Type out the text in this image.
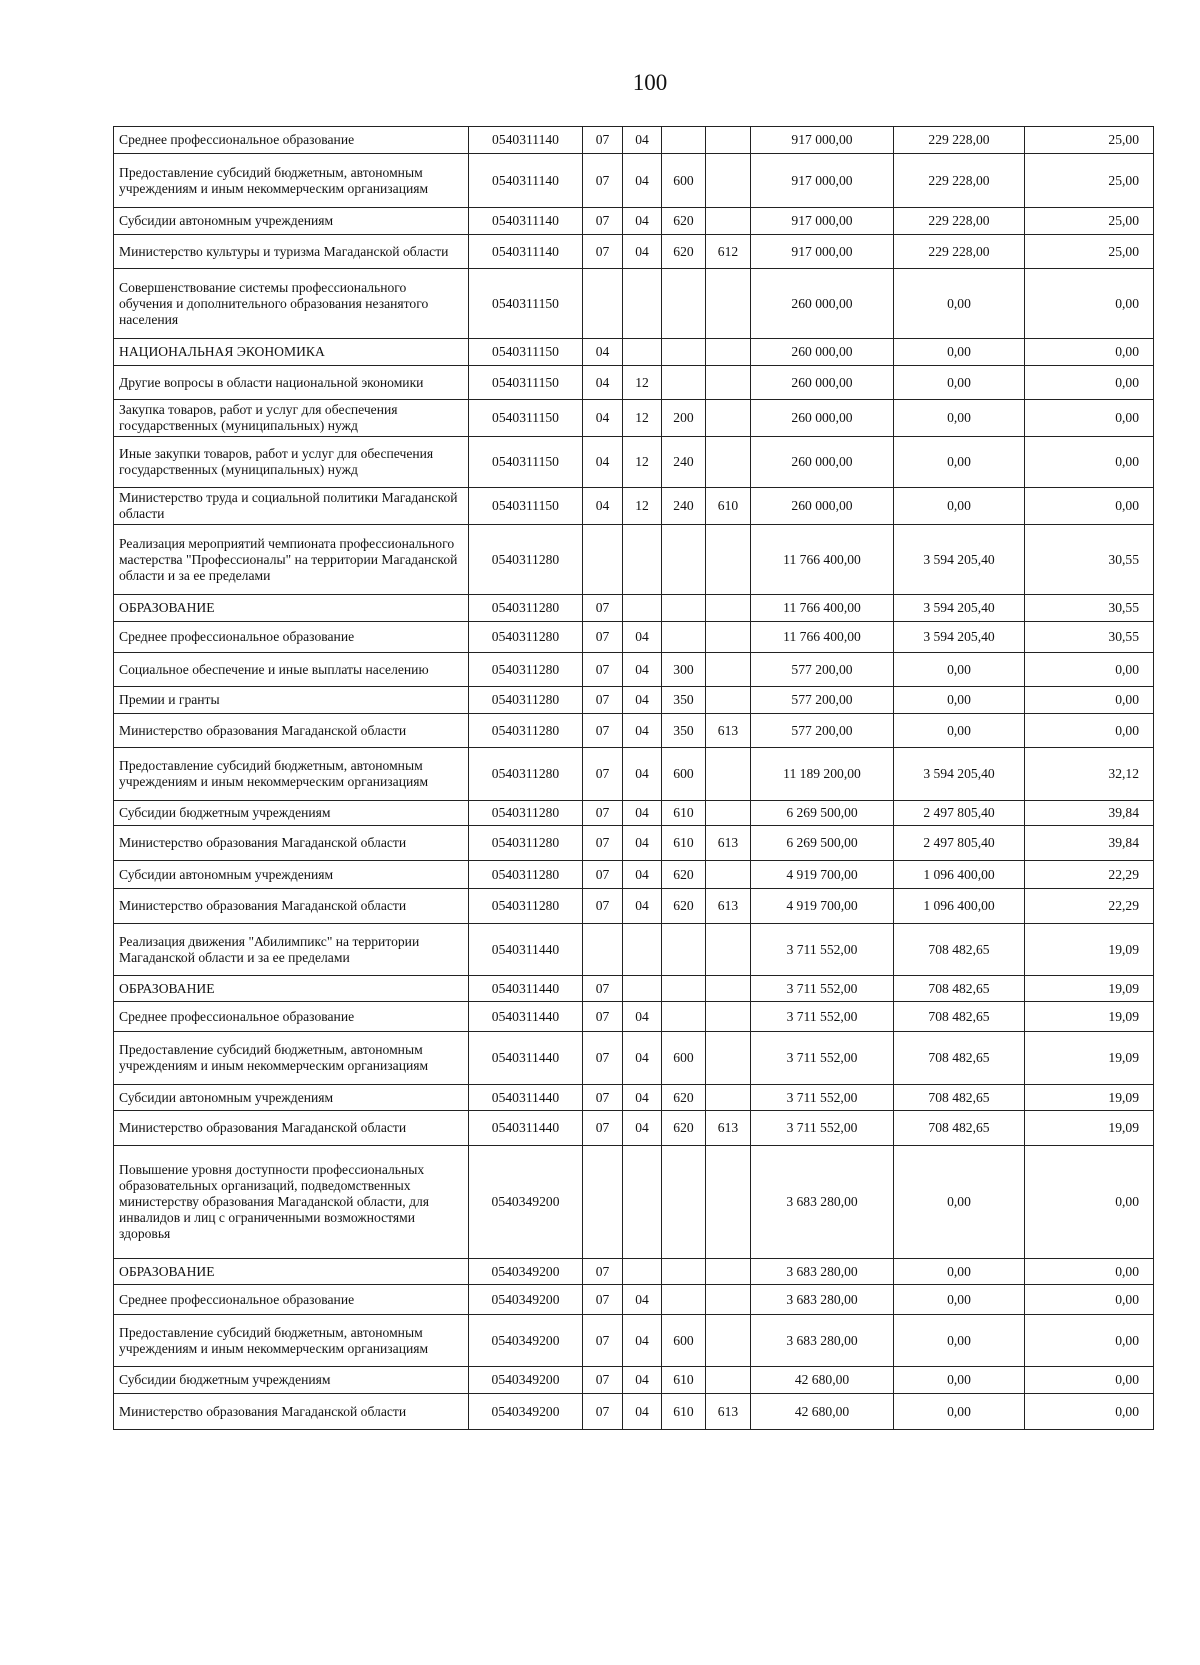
100
Среднее профессиональное образование	0540311140	07	04			917 000,00	229 228,00	25,00
Предоставление субсидий бюджетным, автономным учреждениям и иным некоммерческим организациям	0540311140	07	04	600		917 000,00	229 228,00	25,00
Субсидии автономным учреждениям	0540311140	07	04	620		917 000,00	229 228,00	25,00
Министерство культуры и туризма Магаданской области	0540311140	07	04	620	612	917 000,00	229 228,00	25,00
Совершенствование системы профессионального обучения и дополнительного образования незанятого населения	0540311150					260 000,00	0,00	0,00
НАЦИОНАЛЬНАЯ ЭКОНОМИКА	0540311150	04				260 000,00	0,00	0,00
Другие вопросы в области национальной экономики	0540311150	04	12			260 000,00	0,00	0,00
Закупка товаров, работ и услуг для обеспечения государственных (муниципальных) нужд	0540311150	04	12	200		260 000,00	0,00	0,00
Иные закупки товаров, работ и услуг для обеспечения государственных (муниципальных) нужд	0540311150	04	12	240		260 000,00	0,00	0,00
Министерство труда и социальной политики Магаданской области	0540311150	04	12	240	610	260 000,00	0,00	0,00
Реализация мероприятий чемпионата профессионального мастерства "Профессионалы" на территории Магаданской области и за ее пределами	0540311280					11 766 400,00	3 594 205,40	30,55
ОБРАЗОВАНИЕ	0540311280	07				11 766 400,00	3 594 205,40	30,55
Среднее профессиональное образование	0540311280	07	04			11 766 400,00	3 594 205,40	30,55
Социальное обеспечение и иные выплаты населению	0540311280	07	04	300		577 200,00	0,00	0,00
Премии и гранты	0540311280	07	04	350		577 200,00	0,00	0,00
Министерство образования Магаданской области	0540311280	07	04	350	613	577 200,00	0,00	0,00
Предоставление субсидий бюджетным, автономным учреждениям и иным некоммерческим организациям	0540311280	07	04	600		11 189 200,00	3 594 205,40	32,12
Субсидии бюджетным учреждениям	0540311280	07	04	610		6 269 500,00	2 497 805,40	39,84
Министерство образования Магаданской области	0540311280	07	04	610	613	6 269 500,00	2 497 805,40	39,84
Субсидии автономным учреждениям	0540311280	07	04	620		4 919 700,00	1 096 400,00	22,29
Министерство образования Магаданской области	0540311280	07	04	620	613	4 919 700,00	1 096 400,00	22,29
Реализация движения "Абилимпикс" на территории Магаданской области и за ее пределами	0540311440					3 711 552,00	708 482,65	19,09
ОБРАЗОВАНИЕ	0540311440	07				3 711 552,00	708 482,65	19,09
Среднее профессиональное образование	0540311440	07	04			3 711 552,00	708 482,65	19,09
Предоставление субсидий бюджетным, автономным учреждениям и иным некоммерческим организациям	0540311440	07	04	600		3 711 552,00	708 482,65	19,09
Субсидии автономным учреждениям	0540311440	07	04	620		3 711 552,00	708 482,65	19,09
Министерство образования Магаданской области	0540311440	07	04	620	613	3 711 552,00	708 482,65	19,09
Повышение уровня доступности профессиональных образовательных организаций, подведомственных министерству образования Магаданской области, для инвалидов и лиц с ограниченными возможностями здоровья	0540349200					3 683 280,00	0,00	0,00
ОБРАЗОВАНИЕ	0540349200	07				3 683 280,00	0,00	0,00
Среднее профессиональное образование	0540349200	07	04			3 683 280,00	0,00	0,00
Предоставление субсидий бюджетным, автономным учреждениям и иным некоммерческим организациям	0540349200	07	04	600		3 683 280,00	0,00	0,00
Субсидии бюджетным учреждениям	0540349200	07	04	610		42 680,00	0,00	0,00
Министерство образования Магаданской области	0540349200	07	04	610	613	42 680,00	0,00	0,00
